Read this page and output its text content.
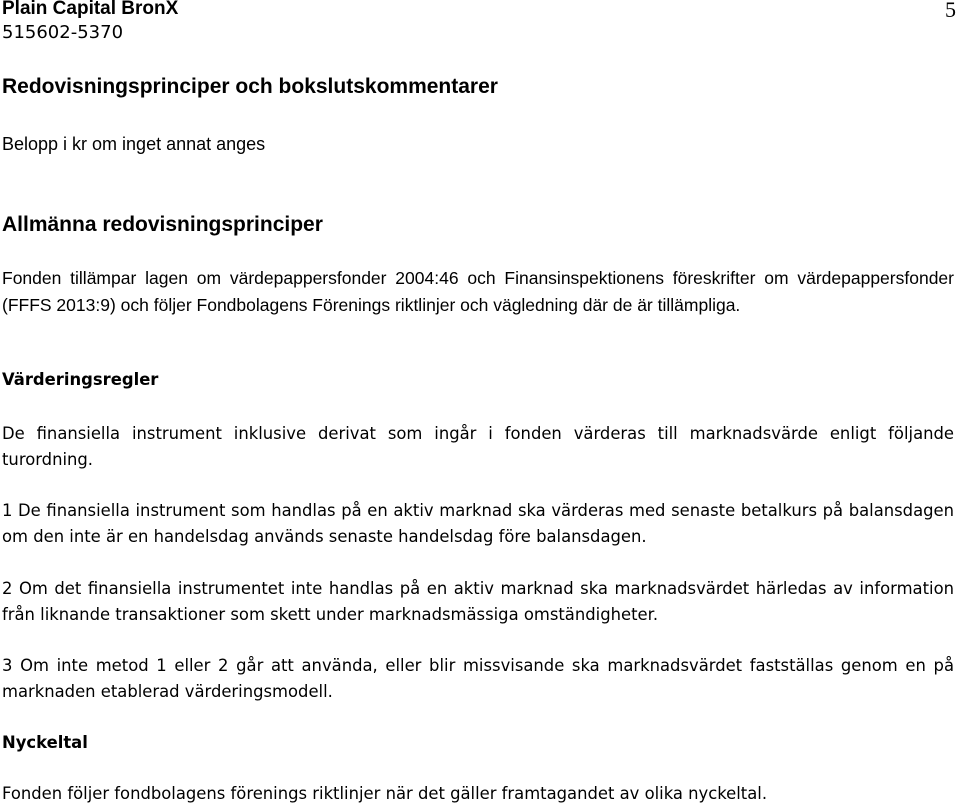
Plain Capital BronX	5
515602-5370
Redovisningsprinciper och bokslutskommentarer
Belopp i kr om inget annat anges
Allmänna redovisningsprinciper
Fonden tillämpar lagen om värdepappersfonder 2004:46 och Finansinspektionens föreskrifter om värdepappersfonder (FFFS 2013:9) och följer Fondbolagens Förenings riktlinjer och vägledning där de är tillämpliga.
Värderingsregler
De finansiella instrument inklusive derivat som ingår i fonden värderas till marknadsvärde enligt följande turordning.
1 De finansiella instrument som handlas på en aktiv marknad ska värderas med senaste betalkurs på balansdagen om den inte är en handelsdag används senaste handelsdag före balansdagen.
2 Om det finansiella instrumentet inte handlas på en aktiv marknad ska marknadsvärdet härledas av information från liknande transaktioner som skett under marknadsmässiga omständigheter.
3 Om inte metod 1 eller 2 går att använda, eller blir missvisande ska marknadsvärdet fastställas genom en på marknaden etablerad värderingsmodell.
Nyckeltal
Fonden följer fondbolagens förenings riktlinjer när det gäller framtagandet av olika nyckeltal.
